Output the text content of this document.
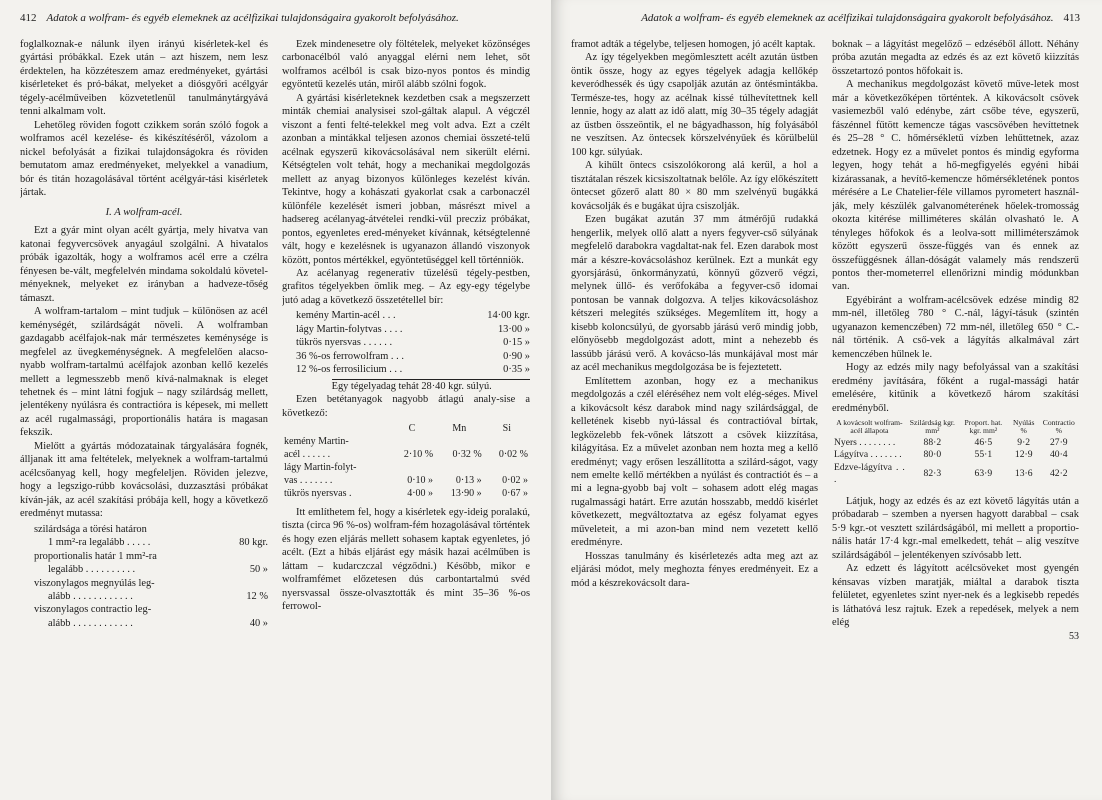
412 Adatok a wolfram- és egyéb elemeknek az acélfizikai tulajdonságaira gyakorolt befolyásához.

foglalkoznak-e nálunk ilyen irányú kisérletek-kel és gyártási próbákkal. Ezek után – azt hiszem, nem lesz érdektelen, ha közzéteszem amaz eredményeket, gyártási kisérleteket és pró-bákat, melyeket a diósgyőri acélgyár tégely-acélműveiben közvetetlenül tanulmánytárgyává tenni alkalmam volt.

Lehetőleg röviden fogott czikkem során szóló fogok a wolframos acél kezelése- és kikészítéséről, vázolom a nickel befolyását a fizikai tulajdonságokra és röviden bemutatom amaz eredményeket, melyekkel a vanadium, bór és titán hozagolásával történt acélgyár-tási kisérletek jártak.

I. A wolfram-acél.

Ezt a gyár mint olyan acélt gyártja, mely hivatva van katonai fegyvercsövek anyagául szolgálni. A hivatalos próbák igazolták, hogy a wolframos acél erre a czélra fényesen be-vált, megfelelvén mindama sokoldalú követel-ményeknek, melyeket ez irányban a hadveze-tőség támaszt.

A wolfram-tartalom – mint tudjuk – különösen az acél keménységét, szilárdságát növeli. A wolframban gazdagabb acélfajok-nak már természetes keménysége is megfelel az üvegkeménységnek. A megfelelően alacso-nyabb wolfram-tartalmú acélfajok azonban kellő kezelés mellett a legmesszebb menő kívá-nalmaknak is eleget tehetnek és – mint látni fogjuk – nagy szilárdság mellett, jelentékeny nyúlásra és contractióra is képesek, mi mellett az acél rugalmassági, proportionális határa is magasan fekszik.

Mielőtt a gyártás módozatainak tárgyalására fognék, álljanak itt ama feltételek, melyeknek a wolfram-tartalmú acélcsőanyag kell, hogy megfeleljen. Röviden jelezve, hogy a legszigo-rúbb kovácsolási, duzzasztási próbákat kíván-ják, az acél szakítási próbája kell, hogy a következő eredményt mutassa:

szilárdsága a törési határon
1 mm²-ra legalább . . . . .	80 kgr.
proportionalis határ 1 mm²-ra
legalább . . . . . . . . . .	50 »
viszonylagos megnyúlás leg-
alább . . . . . . . . . . . .	12 %
viszonylagos contractio leg-
alább . . . . . . . . . . . .	40 »

Ezek mindenesetre oly föltételek, melyeket közönséges carbonacélból való anyaggal elérni nem lehet, sőt wolframos acélból is csak bizo-nyos pontos és mindig egyöntetű kezelés után, miről alább szólni fogok.

A gyártási kisérleteknek kezdetben csak a megszerzett minták chemiai analysisei szol-gáltak alapul. A végczél viszont a fenti felté-telekkel meg volt adva. Ezt a czélt azonban a mintákkal teljesen azonos chemiai összeté-telű acélnak egyszerű kikovácsolásával nem sikerült elérni. Kétségtelen volt tehát, hogy a mechanikai megdolgozás mellett az anyag bizonyos különleges kezelést kíván. Tekintve, hogy a kohászati gyakorlat csak a carbonaczél különféle kezelését ismeri jobban, másrészt mivel a hadsereg acélanyag-átvételei rendki-vül precziz próbákat, pontos, egyenletes ered-ményeket kívánnak, kétségtelenné vált, hogy e kezelésnek is ugyanazon állandó viszonyok között, pontos mértékkel, egyöntetűséggel kell történniök.

Az acélanyag regenerativ tüzelésű tégely-pestben, grafitos tégelyekben ömlik meg. – Az egy-egy tégelybe jutó adag a következő összetétellel bír:

kemény Martin-acél . . .	14·00 kgr.
lágy Martin-folytvas . . . .	13·00 »
tükrös nyersvas . . . . . .	0·15 »
36 %-os ferrowolfram . . .	0·90 »
12 %-os ferrosilicium . . .	0·35 »
Egy tégelyadag tehát 28·40 kgr. súlyú.

Ezen betétanyagok nagyobb átlagú analy-sise a következő:

	C	Mn	Si
kemény Martin-			
acél . . . . . .	2·10 %	0·32 %	0·02 %
lágy Martin-folyt-			
vas . . . . . . .	0·10 »	0·13 »	0·02 »
tükrös nyersvas .	4·00 »	13·90 »	0·67 »

Itt említhetem fel, hogy a kisérletek egy-ideig poralakú, tiszta (circa 96 %-os) wolfram-fém hozagolásával történtek és hogy ezen eljárás mellett sohasem kaptak egyenletes, jó acélt. (Ezt a hibás eljárást egy másik hazai acélműben is láttam – kudarczczal végződni.) Később, mikor e wolframfémet előzetesen dús carbontartalmú svéd nyersvassal össze-olvasztották és mint 35–36 %-os ferrowol-

Adatok a wolfram- és egyéb elemeknek az acélfizikai tulajdonságaira gyakorolt befolyásához. 413

framot adták a tégelybe, teljesen homogen, jó acélt kaptak.

Az így tégelyekben megömlesztett acélt azután üstben öntik össze, hogy az egyes tégelyek adagja kellőkép keveródhessék és úgy csapolják azután az öntésmintákba. Természe-tes, hogy az acélnak kissé túlhevítettnek kell lennie, hogy az alatt az idő alatt, míg 30–35 tégely adagját az üstben összeöntik, el ne bágyadhasson, híg folyásából ne veszítsen. Az öntecsek körszelvényűek és körülbelül 100 kgr. súlyúak.

A kihűlt öntecs csiszolókorong alá kerül, a hol a tisztátalan részek kicsiszoltatnak belőle. Az így előkészített öntecset gőzerő alatt 80 × 80 mm szelvényű bugákká kovácsolják és e bugákat újra csiszolják.

Ezen bugákat azután 37 mm átmérőjű rudakká hengerlik, melyek ollő alatt a nyers fegyver-cső súlyának megfelelő darabokra vagdaltat-nak fel. Ezen darabok most már a készre-kovácsoláshoz kerülnek. Ezt a munkát egy gyorsjárású, önkormányzatú, könnyű gőzverő végzi, melynek üllő- és verőfokába a fegyver-cső idomai pontosan be vannak dolgozva. A teljes kikovácsoláshoz kétszeri melegítés szükséges. Megemlítem itt, hogy a kisebb koloncsúlyú, de gyorsabb járású verő mindig jobb, előnyösebb megdolgozást adott, mint a nehezebb és lassúbb járású verő. A kovácso-lás munkájával most már az acél mechanikus megdolgozása be is fejeztetett.

Említettem azonban, hogy ez a mechanikus megdolgozás a czél eléréséhez nem volt elég-séges. Mivel a kikovácsolt kész darabok mind nagy szilárdsággal, de kelletének kisebb nyú-lással és contractióval bírtak, legközelebb fek-vőnek látszott a csövek kiizzítása, kilágyítása. Ez a művelet azonban nem hozta meg a kellő eredményt; vagy erősen leszállította a szilárd-ságot, vagy nem emelte kellő mértékben a nyúlást és contractiót és – a mi a legna-gyobb baj volt – sohasem adott elég magas rugalmassági határt. Erre azután hosszabb, meddő kisérlet következett, megváltoztatva az egész folyamat egyes műveleteit, a mi azon-ban mind nem vezetett kellő eredményre.

Hosszas tanulmány és kisérletezés adta meg azt az eljárási módot, mely meghozta fényes eredményeit. Ez a mód a készrekovácsolt dara-

boknak – a lágyítást megelőző – edzéséből állott. Néhány próba azután megadta az edzés és az ezt követő kiizzítás összetartozó pontos hőfokait is.

A mechanikus megdolgozást követő műve-letek most már a következőképen történtek. A kikovácsolt csövek vasiemezből való edénybe, zárt csőbe téve, egyszerű, fászénnel fűtött kemencze tágas vascsövében hevíttetnek és 25–28 ° C. hőmérsékletű vízben lehűttetnek, azaz edzetnek. Hogy ez a művelet pontos és mindig egyforma legyen, hogy tehát a hő-megfigyelés egyéni hibái kizárassanak, a hevítő-kemencze hőmérsékletének pontos mérésére a Le Chatelier-féle villamos pyrometert használ-ják, mely készülék galvanométerének hőelek-tromosság okozta kitérése milliméteres skálán olvasható le. A tényleges hőfokok és a leolva-sott milliméterszámok között egyszerű össze-függés van és ennek az összefüggésnek állan-dóságát valamely más rendszerű pontos ther-mometerrel ellenőrizni mindig módunkban van.

Egyébiránt a wolfram-acélcsövek edzése mindig 82 mm-nél, illetőleg 780 ° C.-nál, lágyí-tásuk (szintén ugyanazon kemenczében) 72 mm-nél, illetőleg 650 ° C.-nál történik. A cső-vek a lágyítás alkalmával zárt kemenczében hűlnek le.

Hogy az edzés mily nagy befolyással van a szakítási eredmény javítására, főként a rugal-massági határ emelésére, kitűnik a következő három szakítási eredményből.

A kovácsolt wolfram-acél állapota	Szilárdság kgr. mm²	Proport. hat. kgr. mm²	Nyúlás %	Contractio %
Nyers . . . . . . . .	88·2	46·5	9·2	27·9
Lágyítva . . . . . . .	80·0	55·1	12·9	40·4
Edzve-lágyítva . . .	82·3	63·9	13·6	42·2

Látjuk, hogy az edzés és az ezt követő lágyítás után a próbadarab – szemben a nyersen hagyott darabbal – csak 5·9 kgr.-ot vesztett szilárdságából, mi mellett a proportio-nális határ 17·4 kgr.-mal emelkedett, tehát – alig veszítve szilárdságából – jelentékenyen szívósabb lett.

Az edzett és lágyított acélcsöveket most gyengén kénsavas vízben maratják, miáltal a darabok tiszta felületet, egyenletes szint nyer-nek és a legkisebb repedés is láthatóvá lesz rajtuk. Ezek a repedések, melyek a nem elég

53
